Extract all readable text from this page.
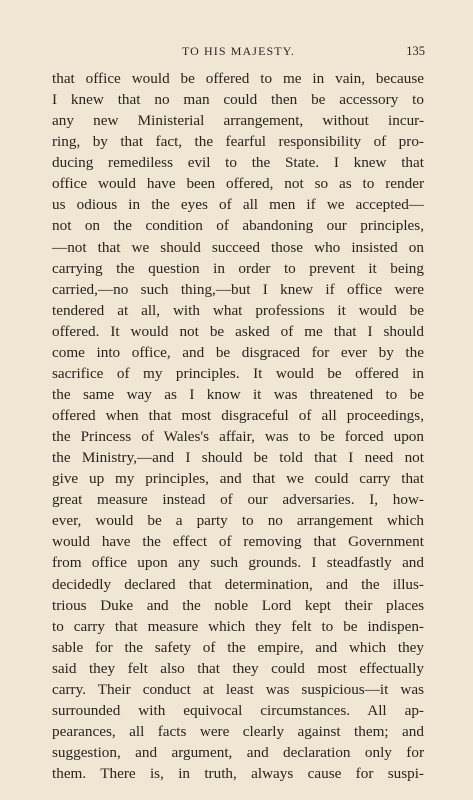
TO HIS MAJESTY.	135
that office would be offered to me in vain, because
I knew that no man could then be accessory to
any new Ministerial arrangement, without incur-
ring, by that fact, the fearful responsibility of pro-
ducing remediless evil to the State. I knew that
office would have been offered, not so as to render
us odious in the eyes of all men if we accepted—
not on the condition of abandoning our principles,
—not that we should succeed those who insisted on
carrying the question in order to prevent it being
carried,—no such thing,—but I knew if office were
tendered at all, with what professions it would be
offered. It would not be asked of me that I should
come into office, and be disgraced for ever by the
sacrifice of my principles. It would be offered in
the same way as I know it was threatened to be
offered when that most disgraceful of all proceedings,
the Princess of Wales's affair, was to be forced upon
the Ministry,—and I should be told that I need not
give up my principles, and that we could carry that
great measure instead of our adversaries. I, how-
ever, would be a party to no arrangement which
would have the effect of removing that Government
from office upon any such grounds. I steadfastly and
decidedly declared that determination, and the illus-
trious Duke and the noble Lord kept their places
to carry that measure which they felt to be indispen-
sable for the safety of the empire, and which they
said they felt also that they could most effectually
carry. Their conduct at least was suspicious—it was
surrounded with equivocal circumstances. All ap-
pearances, all facts were clearly against them; and
suggestion, and argument, and declaration only for
them. There is, in truth, always cause for suspi-
